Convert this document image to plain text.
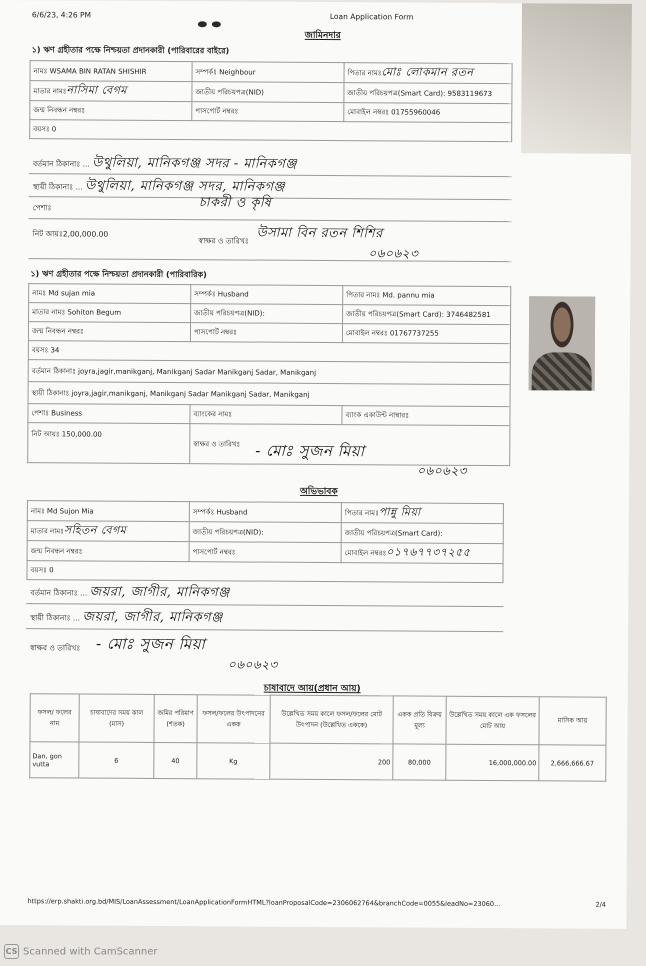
6/6/23, 4:26 PM	Loan Application Form
জামিনদার
১) ঋণ গ্রহীতার পক্ষে নিশ্চয়তা প্রদানকারী (পারিবারের বাইরে)
নামঃ WSAMA BIN RATAN SHISHIR	সম্পর্কঃ Neighbour	পিতার নামঃমোঃ লোকমান রতন
মাতার নামঃনাসিমা বেগম	জাতীয় পরিচয়পত্র(NID)	জাতীয় পরিচয়পত্র(Smart Card): 9583119673
জন্ম নিবন্ধন নম্বরঃ	পাসপোর্ট নম্বরঃ	মোবাইল নম্বরঃ 01755960046
বয়সঃ 0		
বর্তমান ঠিকানাঃ ... উথুলিয়া, মানিকগঞ্জ সদর - মানিকগঞ্জ
স্থায়ী ঠিকানাঃ ... উথুলিয়া, মানিকগঞ্জ সদর, মানিকগঞ্জ
পেশাঃ	চাকরী ও কৃষি
নিট আয়ঃ2,00,000.00
স্বাক্ষর ও তারিখঃ উসামা বিন রতন শিশির
০৬০৬২৩
১) ঋণ গ্রহীতার পক্ষে নিশ্চয়তা প্রদানকারী (পারিবারিক)
নামঃ Md sujan mia	সম্পর্কঃ Husband	পিতার নামঃ Md. pannu mia
মাতার নামঃ Sohiton Begum	জাতীয় পরিচয়পত্র(NID):	জাতীয় পরিচয়পত্র(Smart Card): 3746482581
জন্ম নিবন্ধন নম্বরঃ	পাসপোর্ট নম্বরঃ	মোবাইল নম্বরঃ 01767737255
বয়সঃ 34		
বর্তমান ঠিকানাঃ joyra,jagir,manikganj, Manikganj Sadar Manikganj Sadar, Manikganj		
স্থায়ী ঠিকানাঃ joyra,jagir,manikganj, Manikganj Sadar Manikganj Sadar, Manikganj		
পেশাঃ Business	ব্যাংকের নামঃ	ব্যাংক একাউন্ট নাম্বারঃ
নিট আয়ঃ 150,000.00	স্বাক্ষর ও তারিখঃ	- মোঃ সুজন মিয়া
০৬০৬২৩
অভিভাবক
নামঃ Md Sujon Mia	সম্পর্কঃ Husband	পিতার নামঃপান্নু মিয়া
মাতার নামঃসহিতন বেগম	জাতীয় পরিচয়পত্র(NID):	জাতীয় পরিচয়পত্র(Smart Card):
জন্ম নিবন্ধন নম্বরঃ	পাসপোর্ট নম্বরঃ	মোবাইল নম্বরঃ০১৭৬৭৭৩৭২৫৫
বয়সঃ 0		
বর্তমান ঠিকানাঃ ... জয়রা, জাগীর, মানিকগঞ্জ
স্থায়ী ঠিকানাঃ ... জয়রা, জাগীর, মানিকগঞ্জ
স্বাক্ষর ও তারিখঃ - মোঃ সুজন মিয়া
০৬০৬২৩
চাষাবাদে আয়(প্রধান আয়)
ফসল/ ফলের নাম	চাষাবাদের সময় কাল (মাস)	জমির পরিমাণ (শতক)	ফসল/ফলের উৎপাদনের একক	উল্লেখিত সময় কালে ফসল/ফলের মোট উৎপাদন (উল্লেখিত এককে)	একক প্রতি বিক্রয় মূল্য	উল্লেখিত সময় কালে এক ফসলের মোট আয়	মাসিক আয়
Dan, gon vutta	6	40	Kg	200	80,000	16,000,000.00	2,666,666.67
https://erp.shakti.org.bd/MIS/LoanAssessment/LoanApplicationFormHTML?loanProposalCode=2306062764&branchCode=0055&leadNo=23060...	2/4
CS Scanned with CamScanner
